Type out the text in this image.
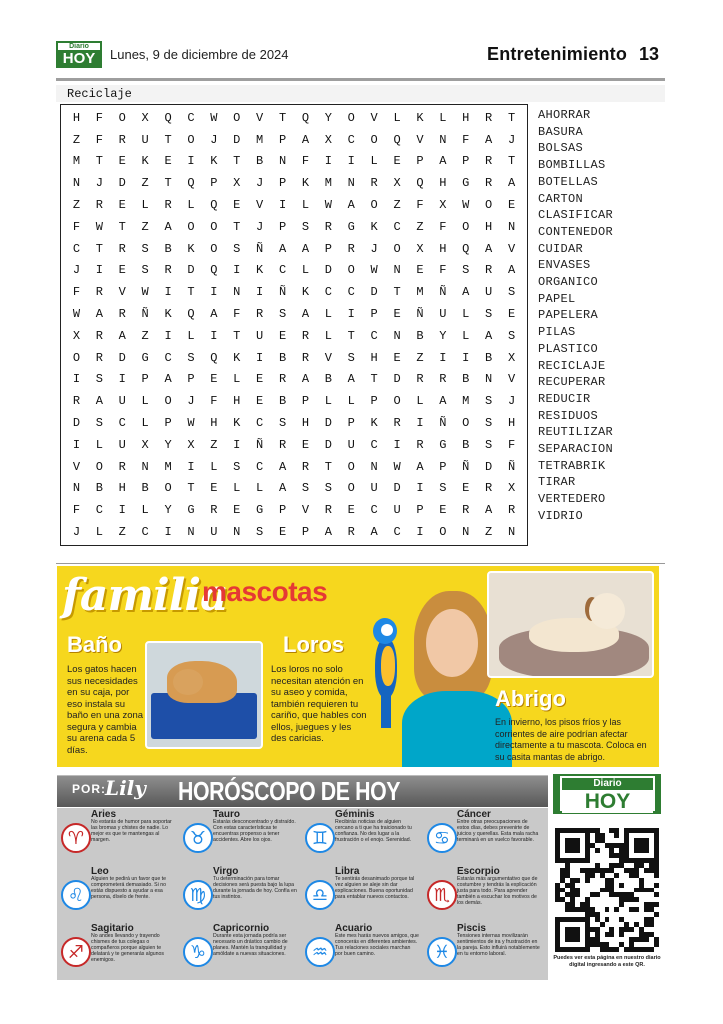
Diario
HOY	Lunes, 9 de diciembre de 2024	Entretenimiento 13
Reciclaje
H	F	O	X	Q	C	W	O	V	T	Q	Y	O	V	L	K	L	H	R	T
Z	F	R	U	T	O	J	D	M	P	A	X	C	O	Q	V	N	F	A	J
M	T	E	K	E	I	K	T	B	N	F	I	I	L	E	P	A	P	R	T
N	J	D	Z	T	Q	P	X	J	P	K	M	N	R	X	Q	H	G	R	A
Z	R	E	L	R	L	Q	E	V	I	L	W	A	O	Z	F	X	W	O	E
F	W	T	Z	A	O	O	T	J	P	S	R	G	K	C	Z	F	O	H	N
C	T	R	S	B	K	O	S	Ñ	A	A	P	R	J	O	X	H	Q	A	V
J	I	E	S	R	D	Q	I	K	C	L	D	O	W	N	E	F	S	R	A
F	R	V	W	I	T	I	N	I	Ñ	K	C	C	D	T	M	Ñ	A	U	S
W	A	R	Ñ	K	Q	A	F	R	S	A	L	I	P	E	Ñ	U	L	S	E
X	R	A	Z	I	L	I	T	U	E	R	L	T	C	N	B	Y	L	A	S
O	R	D	G	C	S	Q	K	I	B	R	V	S	H	E	Z	I	I	B	X
I	S	I	P	A	P	E	L	E	R	A	B	A	T	D	R	R	B	N	V
R	A	U	L	O	J	F	H	E	B	P	L	L	P	O	L	A	M	S	J
D	S	C	L	P	W	H	K	C	S	H	D	P	K	R	I	Ñ	O	S	H
I	L	U	X	Y	X	Z	I	Ñ	R	E	D	U	C	I	R	G	B	S	F
V	O	R	N	M	I	L	S	C	A	R	T	O	N	W	A	P	Ñ	D	Ñ
N	B	H	B	O	T	E	L	L	A	S	S	O	U	D	I	S	E	R	X
F	C	I	L	Y	G	R	E	G	P	V	R	E	C	U	P	E	R	A	R
J	L	Z	C	I	N	U	N	S	E	P	A	R	A	C	I	O	N	Z	N
AHORRAR
BASURA
BOLSAS
BOMBILLAS
BOTELLAS
CARTON
CLASIFICAR
CONTENEDOR
CUIDAR
ENVASES
ORGANICO
PAPEL
PAPELERA
PILAS
PLASTICO
RECICLAJE
RECUPERAR
REDUCIR
RESIDUOS
REUTILIZAR
SEPARACION
TETRABRIK
TIRAR
VERTEDERO
VIDRIO
familia
mascotas
Baño
Los gatos hacen sus necesidades en su caja, por eso instala su baño en una zona segura y cambia su arena cada 5 días.
Loros
Los loros no solo necesitan atención en su aseo y comida, también requieren tu cariño, que hables con ellos, juegues y les des caricias.
Abrigo
En invierno, los pisos fríos y las corrientes de aire podrían afectar directamente a tu mascota. Coloca en su casita mantas de abrigo.
POR: Lily HORÓSCOPO DE HOY
♈
Aries
No estarás de humor para soportar las bromas y chistes de nadie. Lo mejor es que te mantengas al margen.	♉
Tauro
Estarás desconcentrado y distraído. Con estas características te encuentras propenso a tener accidentes. Abre los ojos.	♊
Géminis
Recibirás noticias de alguien cercano a ti que ha traicionado tu confianza. No des lugar a la frustración o el enojo. Serenidad.	♋
Cáncer
Entre otras preocupaciones de estos días, debes prevenirte de juicios y querellas. Esta mala racha terminará en un vuelco favorable.
♌
Leo
Alguien te pedirá un favor que te comprometerá demasiado. Si no estás dispuesto a ayudar a esa persona, díselo de frente.	♍
Virgo
Tu determinación para tomar decisiones será puesta bajo la lupa durante la jornada de hoy. Confía en tus instintos.	♎
Libra
Te sentirás desanimado porque tal vez alguien se aleje sin dar explicaciones. Buena oportunidad para entablar nuevos contactos.	♏
Escorpio
Estarás más argumentativo que de costumbre y tendrás la explicación justa para todo. Para aprender también a escuchar los motivos de los demás.
♐
Sagitario
No andes llevando y trayendo chismes de tus colegas o compañeros porque alguien te delatará y te generarás algunos enemigos.	♑
Capricornio
Durante esta jornada podría ser necesario un drástico cambio de planes. Mantén la tranquilidad y amóldate a nuevas situaciones.	♒
Acuario
Este mes harás nuevos amigos, que conocerás en diferentes ambientes. Tus relaciones sociales marchan por buen camino.	♓
Piscis
Tensiones internas movilizarán sentimientos de ira y frustración en la pareja. Esto influirá notablemente en tu entorno laboral.
Diario
HOY
Puedes ver esta página en nuestro diario digital ingresando a este QR.
